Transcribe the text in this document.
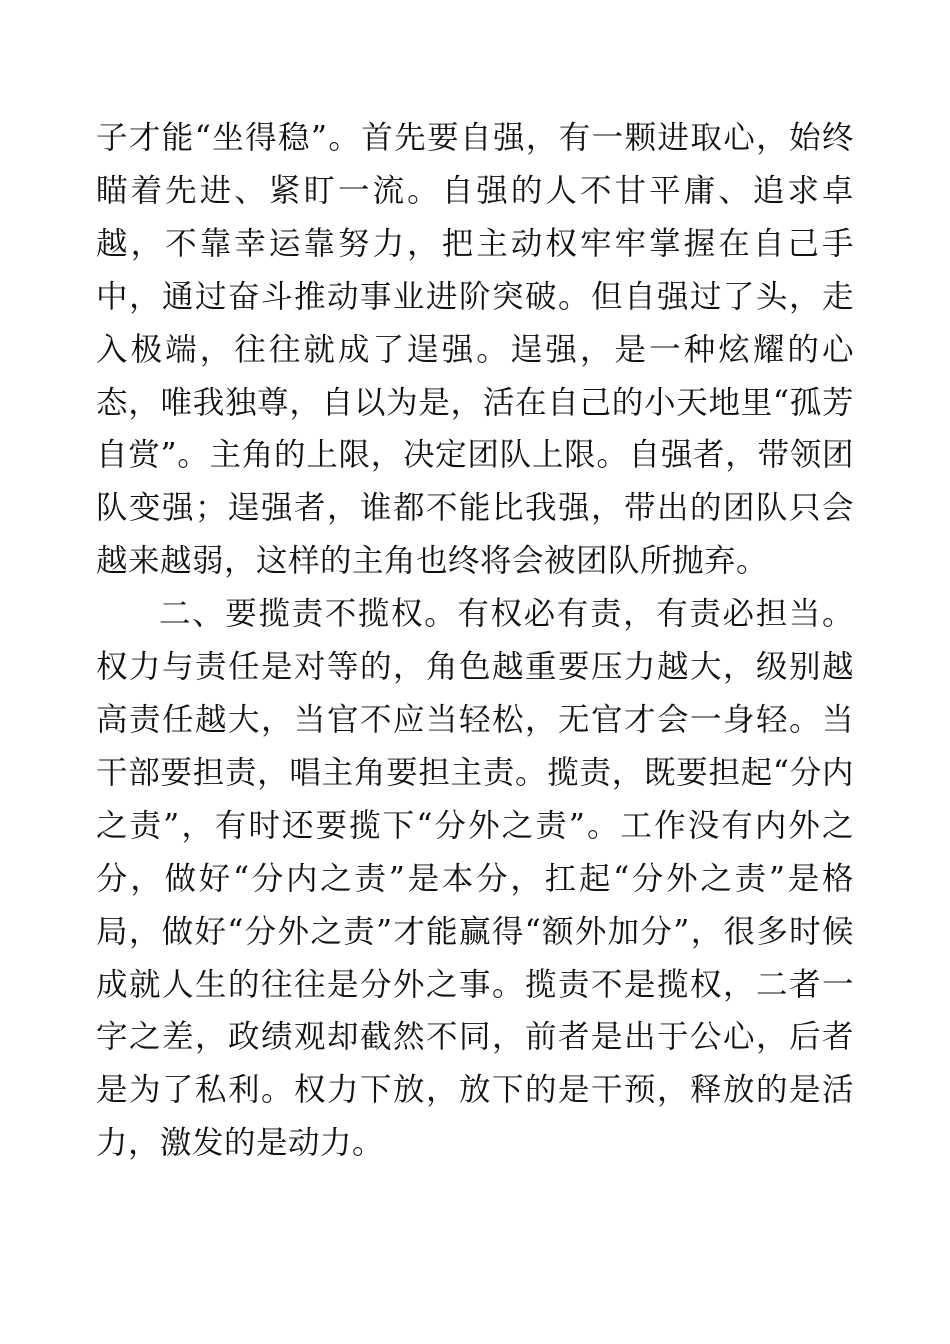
子才能“坐得稳”。首先要自强，有一颗进取心，始终瞄着先进、紧盯一流。自强的人不甘平庸、追求卓越，不靠幸运靠努力，把主动权牢牢掌握在自己手中，通过奋斗推动事业进阶突破。但自强过了头，走入极端，往往就成了逞强。逞强，是一种炫耀的心态，唯我独尊，自以为是，活在自己的小天地里“孤芳自赏”。主角的上限，决定团队上限。自强者，带领团队变强；逞强者，谁都不能比我强，带出的团队只会越来越弱，这样的主角也终将会被团队所抛弃。

二、要揽责不揽权。有权必有责，有责必担当。权力与责任是对等的，角色越重要压力越大，级别越高责任越大，当官不应当轻松，无官才会一身轻。当干部要担责，唱主角要担主责。揽责，既要担起“分内之责”，有时还要揽下“分外之责”。工作没有内外之分，做好“分内之责”是本分，扛起“分外之责”是格局，做好“分外之责”才能赢得“额外加分”，很多时候成就人生的往往是分外之事。揽责不是揽权，二者一字之差，政绩观却截然不同，前者是出于公心，后者是为了私利。权力下放，放下的是干预，释放的是活力，激发的是动力。
